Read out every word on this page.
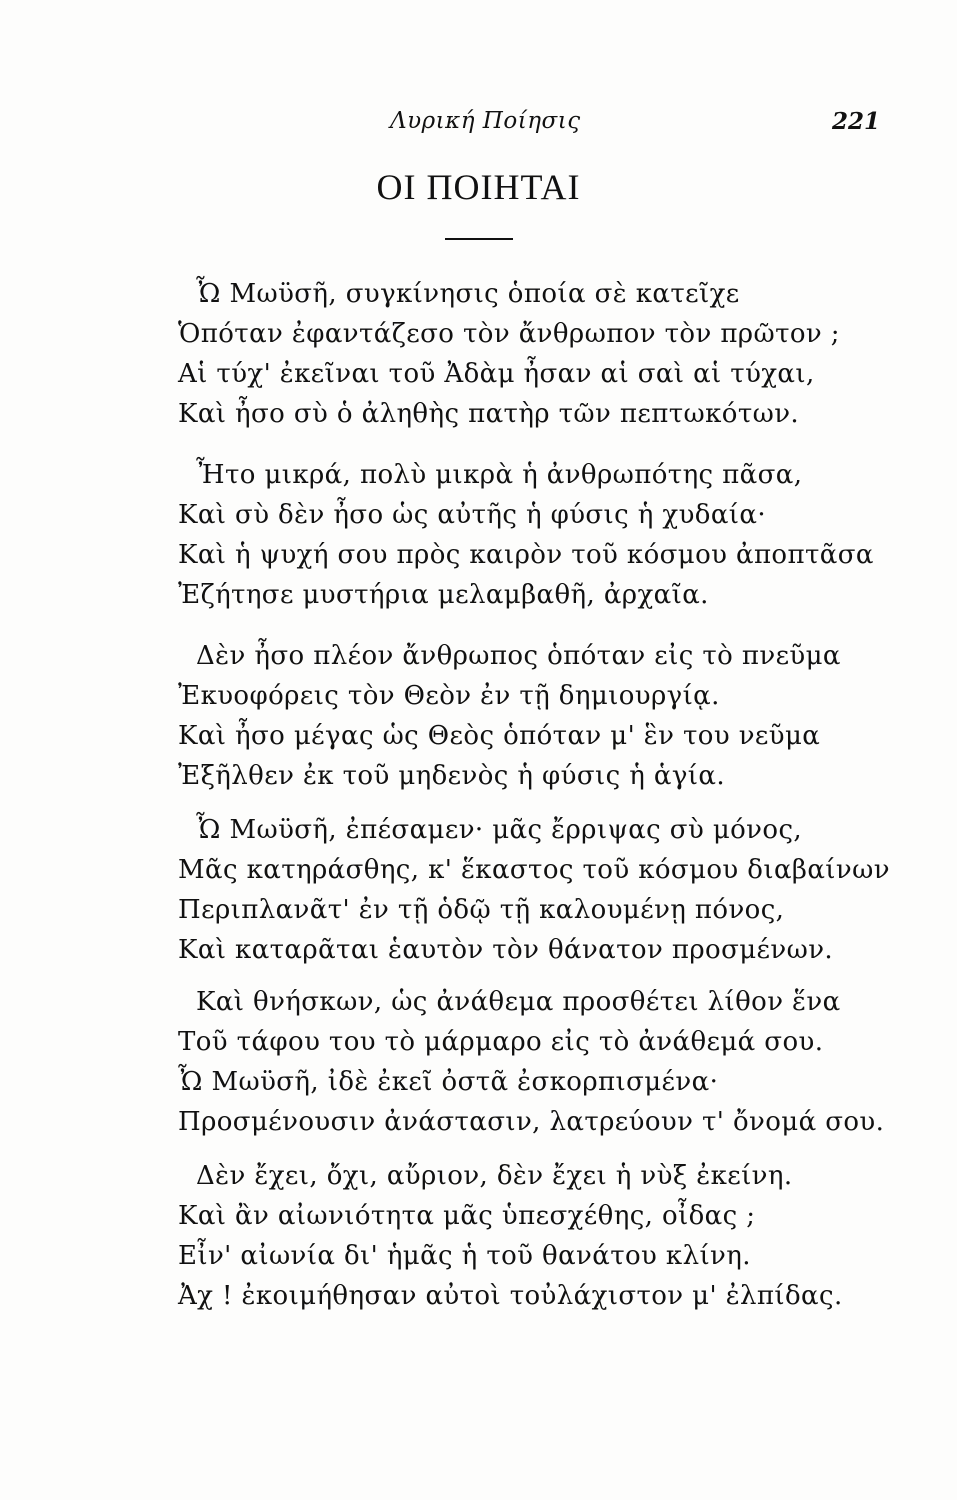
Λυρική Ποίησις	221
ΟΙ ΠΟΙΗΤΑΙ
Ὦ Μωϋσῆ, συγκίνησις ὁποία σὲ κατεῖχε
Ὁπόταν ἐφαντάζεσο τὸν ἄνθρωπον τὸν πρῶτον ;
Αἱ τύχ' ἐκεῖναι τοῦ Ἀδὰμ ἦσαν αἱ σαὶ αἱ τύχαι,
Καὶ ἦσο σὺ ὁ ἀληθὴς πατὴρ τῶν πεπτωκότων.
Ἦτο μικρά, πολὺ μικρὰ ἡ ἀνθρωπότης πᾶσα,
Καὶ σὺ δὲν ἦσο ὡς αὐτῆς ἡ φύσις ἡ χυδαία·
Καὶ ἡ ψυχή σου πρὸς καιρὸν τοῦ κόσμου ἀποπτᾶσα
Ἐζήτησε μυστήρια μελαμβαθῆ, ἀρχαῖα.
Δὲν ἦσο πλέον ἄνθρωπος ὁπόταν εἰς τὸ πνεῦμα
Ἐκυοφόρεις τὸν Θεὸν ἐν τῇ δημιουργίᾳ.
Καὶ ἦσο μέγας ὡς Θεὸς ὁπόταν μ' ἓν του νεῦμα
Ἐξῆλθεν ἐκ τοῦ μηδενὸς ἡ φύσις ἡ ἁγία.
Ὦ Μωϋσῆ, ἐπέσαμεν· μᾶς ἔρριψας σὺ μόνος,
Μᾶς κατηράσθης, κ' ἕκαστος τοῦ κόσμου διαβαίνων
Περιπλανᾶτ' ἐν τῇ ὁδῷ τῇ καλουμένῃ πόνος,
Καὶ καταρᾶται ἑαυτὸν τὸν θάνατον προσμένων.
Καὶ θνήσκων, ὡς ἀνάθεμα προσθέτει λίθον ἕνα
Τοῦ τάφου του τὸ μάρμαρο εἰς τὸ ἀνάθεμά σου.
Ὦ Μωϋσῆ, ἰδὲ ἐκεῖ ὀστᾶ ἐσκορπισμένα·
Προσμένουσιν ἀνάστασιν, λατρεύουν τ' ὄνομά σου.
Δὲν ἔχει, ὄχι, αὔριον, δὲν ἔχει ἡ νὺξ ἐκείνη.
Καὶ ἂν αἰωνιότητα μᾶς ὑπεσχέθης, οἶδας ;
Εἶν' αἰωνία δι' ἡμᾶς ἡ τοῦ θανάτου κλίνη.
Ἀχ ! ἐκοιμήθησαν αὐτοὶ τοὐλάχιστον μ' ἐλπίδας.
